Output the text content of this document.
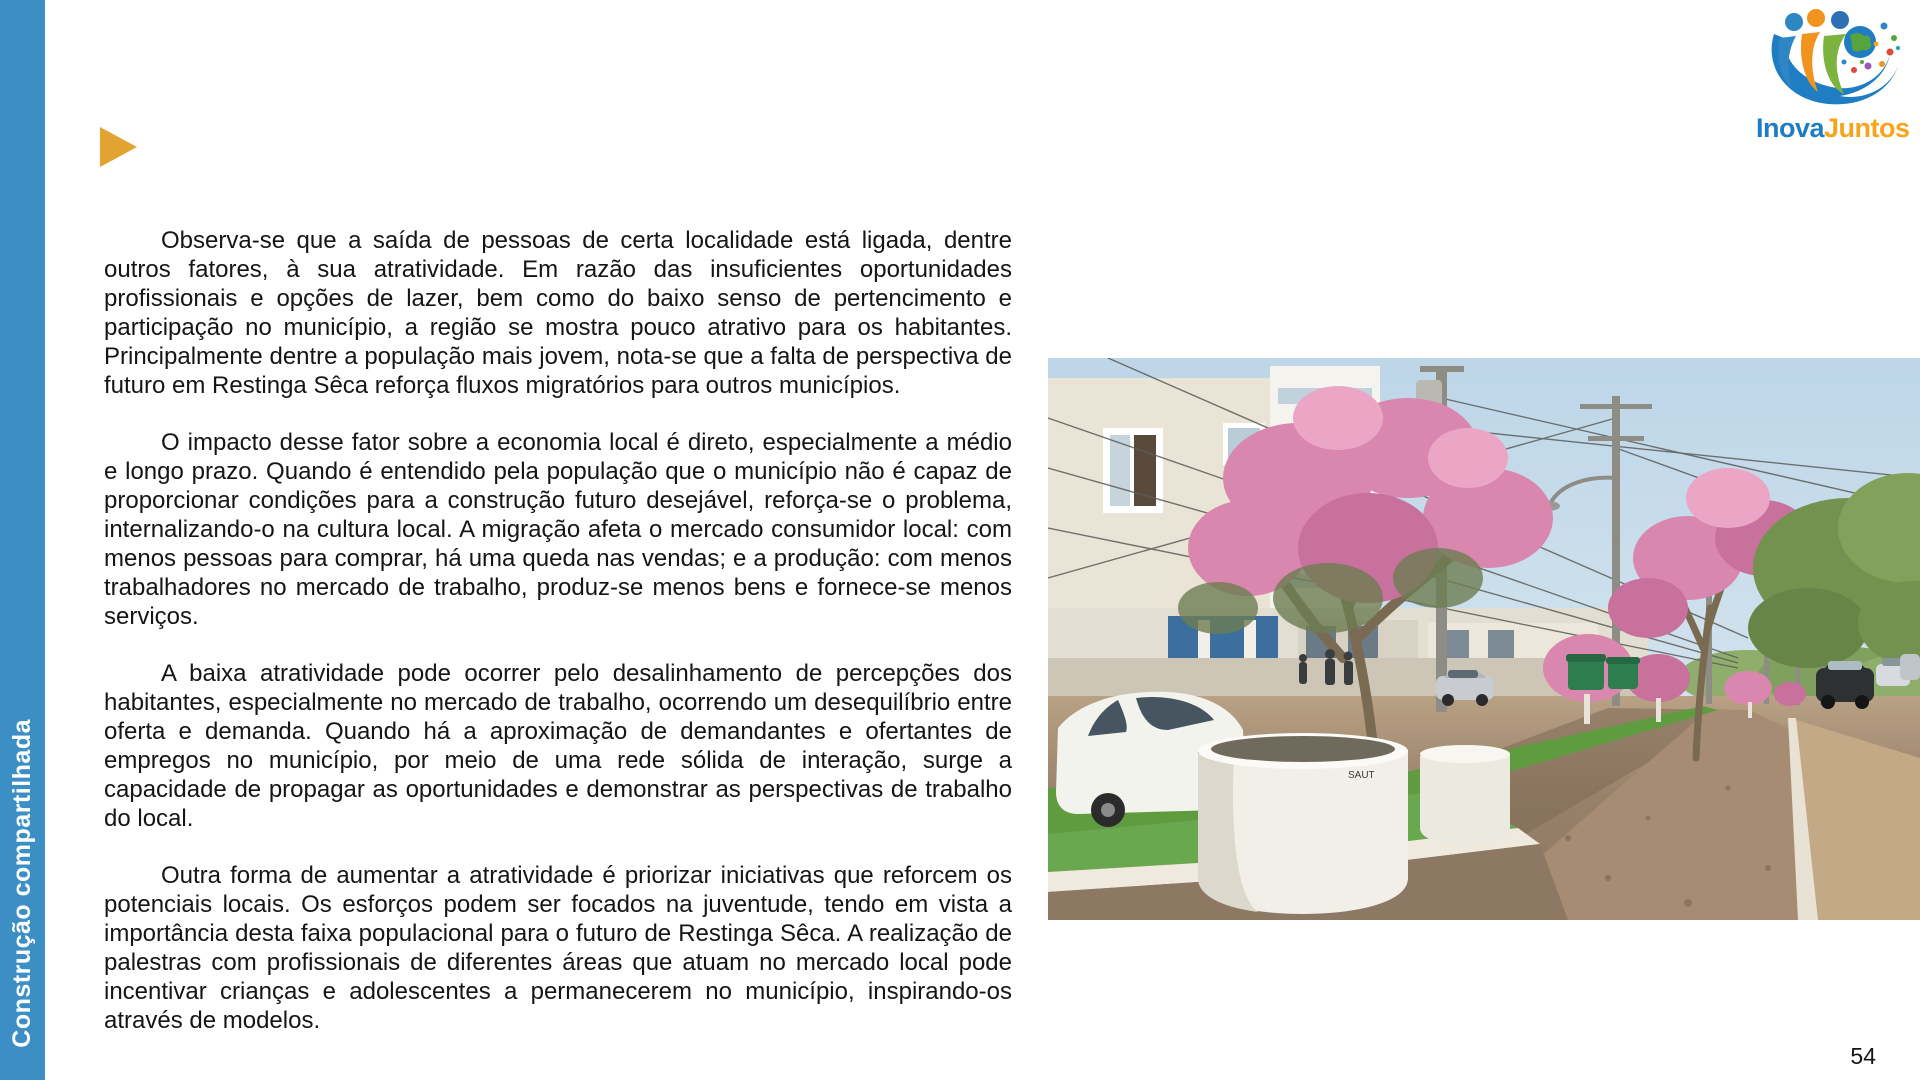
Construção compartilhada
InovaJuntos

Observa-se que a saída de pessoas de certa localidade está ligada, dentre outros fatores, à sua atratividade. Em razão das insuficientes oportunidades profissionais e opções de lazer, bem como do baixo senso de pertencimento e participação no município, a região se mostra pouco atrativo para os habitantes. Principalmente dentre a população mais jovem, nota-se que a falta de perspectiva de futuro em Restinga Sêca reforça fluxos migratórios para outros municípios.

O impacto desse fator sobre a economia local é direto, especialmente a médio e longo prazo. Quando é entendido pela população que o município não é capaz de proporcionar condições para a construção futuro desejável, reforça-se o problema, internalizando-o na cultura local. A migração afeta o mercado consumidor local: com menos pessoas para comprar, há uma queda nas vendas; e a produção: com menos trabalhadores no mercado de trabalho, produz-se menos bens e fornece-se menos serviços.

A baixa atratividade pode ocorrer pelo desalinhamento de percepções dos habitantes, especialmente no mercado de trabalho, ocorrendo um desequilíbrio entre oferta e demanda. Quando há a aproximação de demandantes e ofertantes de empregos no município, por meio de uma rede sólida de interação, surge a capacidade de propagar as oportunidades e demonstrar as perspectivas de trabalho do local.

Outra forma de aumentar a atratividade é priorizar iniciativas que reforcem os potenciais locais. Os esforços podem ser focados na juventude, tendo em vista a importância desta faixa populacional para o futuro de Restinga Sêca. A realização de palestras com profissionais de diferentes áreas que atuam no mercado local pode incentivar crianças e adolescentes a permanecerem no município, inspirando-os através de modelos.

SAUT
54
